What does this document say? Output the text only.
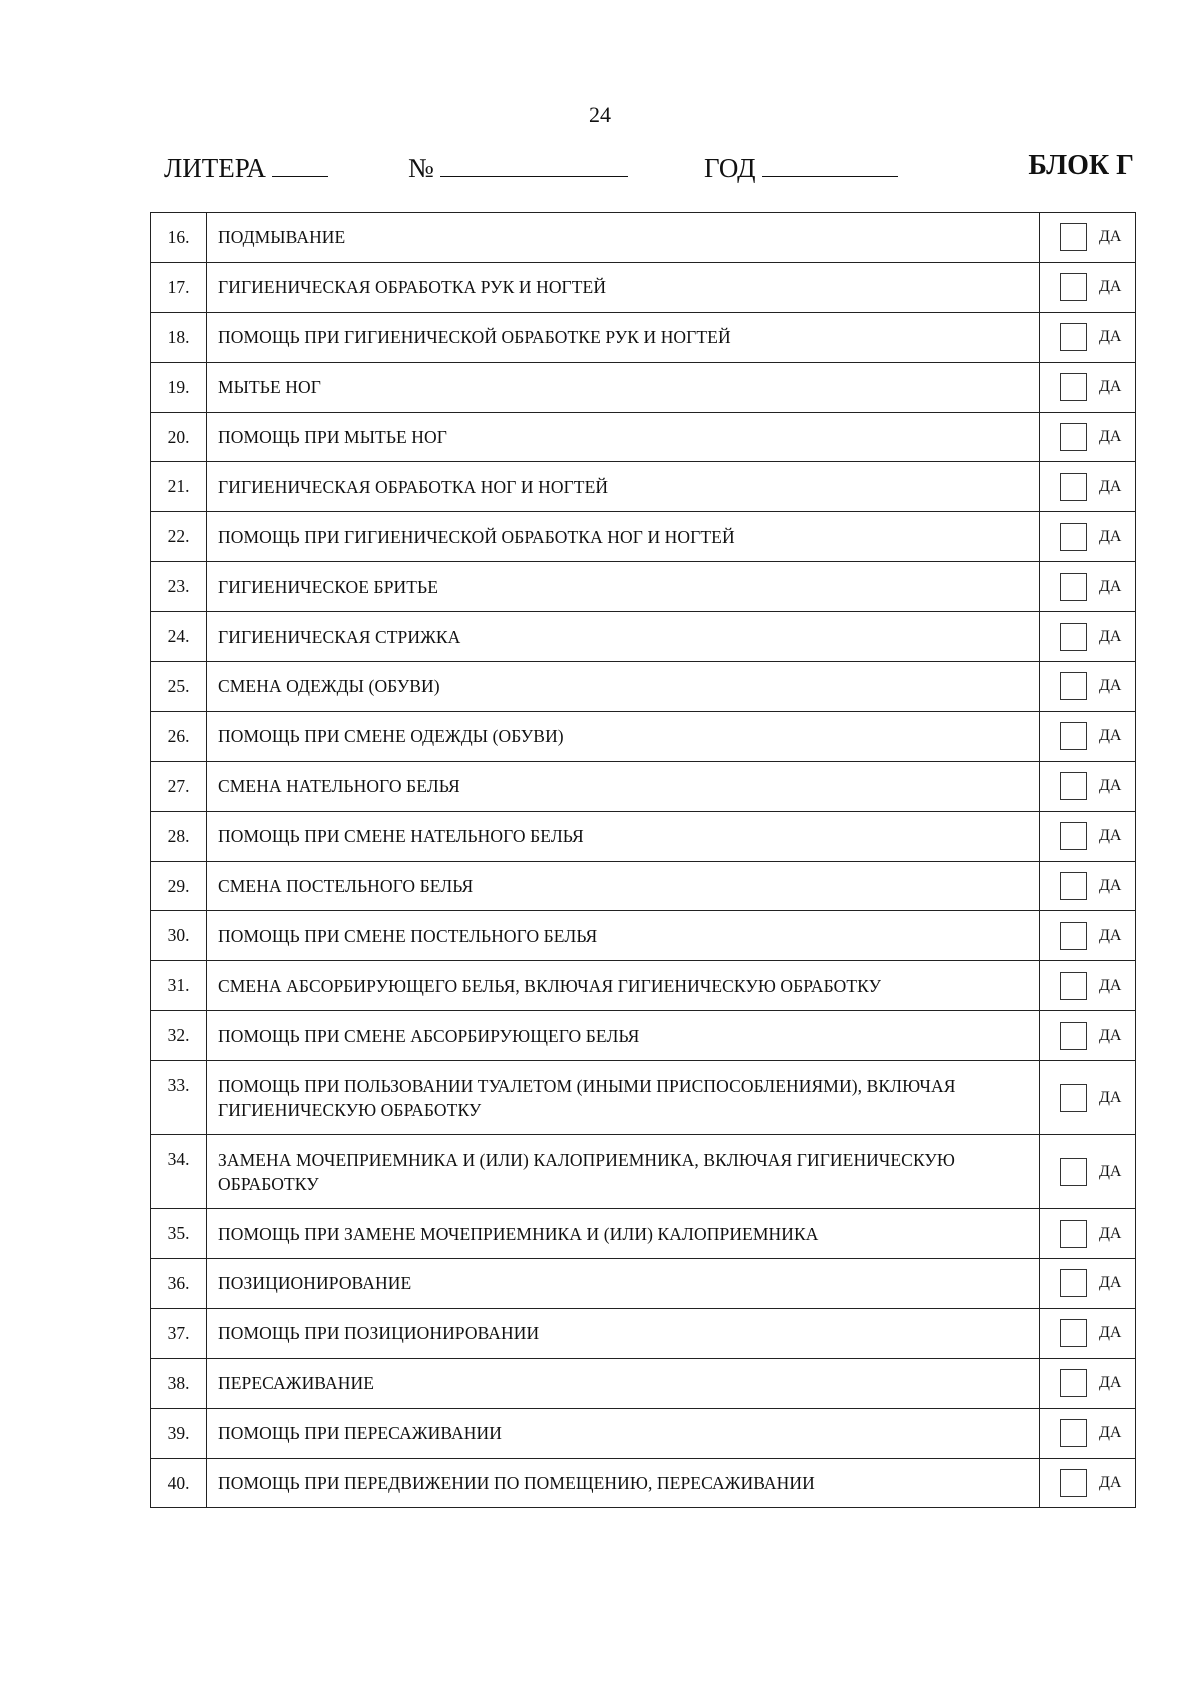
24
ЛИТЕРА	№	ГОД	БЛОК Г
16.	ПОДМЫВАНИЕ	ДА
17.	ГИГИЕНИЧЕСКАЯ ОБРАБОТКА РУК И НОГТЕЙ	ДА
18.	ПОМОЩЬ ПРИ ГИГИЕНИЧЕСКОЙ ОБРАБОТКЕ РУК И НОГТЕЙ	ДА
19.	МЫТЬЕ НОГ	ДА
20.	ПОМОЩЬ ПРИ МЫТЬЕ НОГ	ДА
21.	ГИГИЕНИЧЕСКАЯ ОБРАБОТКА НОГ И НОГТЕЙ	ДА
22.	ПОМОЩЬ ПРИ ГИГИЕНИЧЕСКОЙ ОБРАБОТКА НОГ И НОГТЕЙ	ДА
23.	ГИГИЕНИЧЕСКОЕ БРИТЬЕ	ДА
24.	ГИГИЕНИЧЕСКАЯ СТРИЖКА	ДА
25.	СМЕНА ОДЕЖДЫ (ОБУВИ)	ДА
26.	ПОМОЩЬ ПРИ СМЕНЕ ОДЕЖДЫ (ОБУВИ)	ДА
27.	СМЕНА НАТЕЛЬНОГО БЕЛЬЯ	ДА
28.	ПОМОЩЬ ПРИ СМЕНЕ НАТЕЛЬНОГО БЕЛЬЯ	ДА
29.	СМЕНА ПОСТЕЛЬНОГО БЕЛЬЯ	ДА
30.	ПОМОЩЬ ПРИ СМЕНЕ ПОСТЕЛЬНОГО БЕЛЬЯ	ДА
31.	СМЕНА АБСОРБИРУЮЩЕГО БЕЛЬЯ, ВКЛЮЧАЯ ГИГИЕНИЧЕСКУЮ ОБРАБОТКУ	ДА
32.	ПОМОЩЬ ПРИ СМЕНЕ АБСОРБИРУЮЩЕГО БЕЛЬЯ	ДА
33.	ПОМОЩЬ ПРИ ПОЛЬЗОВАНИИ ТУАЛЕТОМ (ИНЫМИ ПРИСПОСОБЛЕНИЯМИ), ВКЛЮЧАЯ ГИГИЕНИЧЕСКУЮ ОБРАБОТКУ	ДА
34.	ЗАМЕНА МОЧЕПРИЕМНИКА И (ИЛИ) КАЛОПРИЕМНИКА, ВКЛЮЧАЯ ГИГИЕНИЧЕСКУЮ ОБРАБОТКУ	ДА
35.	ПОМОЩЬ ПРИ ЗАМЕНЕ МОЧЕПРИЕМНИКА И (ИЛИ) КАЛОПРИЕМНИКА	ДА
36.	ПОЗИЦИОНИРОВАНИЕ	ДА
37.	ПОМОЩЬ ПРИ ПОЗИЦИОНИРОВАНИИ	ДА
38.	ПЕРЕСАЖИВАНИЕ	ДА
39.	ПОМОЩЬ ПРИ ПЕРЕСАЖИВАНИИ	ДА
40.	ПОМОЩЬ ПРИ ПЕРЕДВИЖЕНИИ ПО ПОМЕЩЕНИЮ, ПЕРЕСАЖИВАНИИ	ДА
